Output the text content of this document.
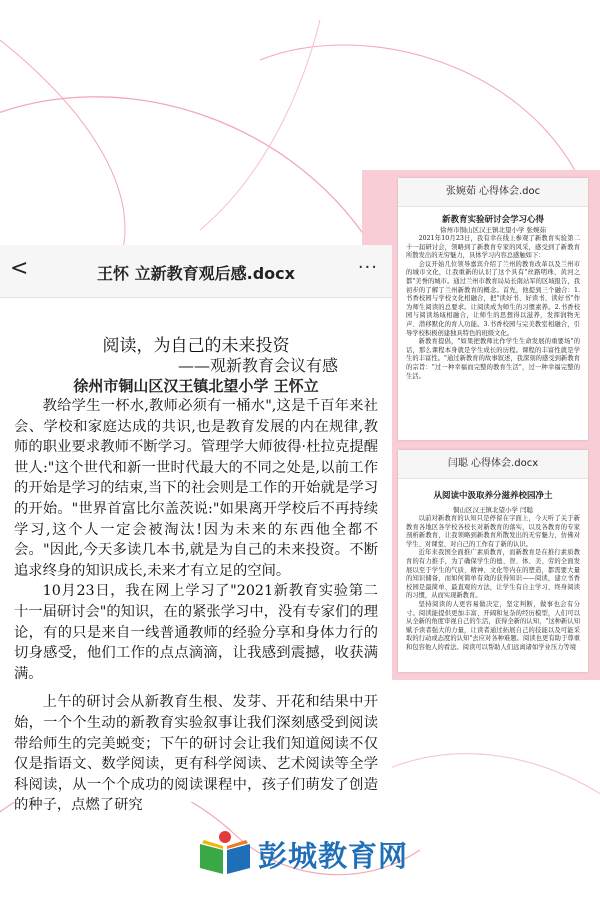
张婉茹 心得体会.doc
新教育实验研讨会学习心得
徐州市铜山区汉王镇北望小学 张婉茹

2021年10月23日，我有幸在线上参观了新教育实验第二十一届研讨会，领略到了新教育专家的风采，感受到了新教育所散发出的无穷魅力，具体学习内容总感触如下：

会议开始几位领导嘉宾介绍了兰州的教育改革以及兰州市的城市文化，让我重新的认识了这个具有"丝路明珠、黄河之都"美誉的城市。通过兰州市教育局局长南站军的区域报告，我初步的了解了兰州新教育的概念。首先，他提到三个融合：1.书香校园与学校文化相融合，把"读好书、好读书、读好书"作为师生阅读的总要求。让阅读成为师生的习惯素养。2.书香校园与阅读场域相融合，让师生的思想得以滋养，发挥润物无声、潜移默化的育人功能。3.书香校园与完美教室相融合，引导学校积极创建独具特色的班级文化。

新教育提倡，"如果把教师比作学生生命发展的重要场"的话，那么课程本身就是学生成长的历程。课程的丰富性就是学生的丰富性。"通过新教育的故事叙述，我深刻的感受到新教育的宗旨："过一种幸福而完整的教育生活"，过一种幸福完整的生活。

闫聪 心得体会.docx
从阅读中汲取养分滋养校园净土
铜山区汉王镇北望小学 闫聪

以前对新教育的认知只是停留在字面上，今天听了关于新教育各地区各学校各校长对新教育的落实，以及各教育的专家剖析新教育，让我领略到新教育所散发出的无穷魅力，仿佛对学生、对课堂、对自己的工作有了新的认识。

近年来我国全面推广素质教育，而新教育是在推行素质教育的有力推手，为了确保学生的德、智、体、美、劳的全面发展以至于学生的气质、精神、文化等内在的塑造，都需要大量的知识储备，而如何简单有效的获得知识——阅读，建立书香校园是最简单、最直观的方法，让学生有自主学习、终身阅读的习惯，从而实现新教育。

坚持阅读的人更容易做决定，坚定判断，做事也会有分寸。阅读能提供更加丰富、开阔和复杂的经历模型，人们可以从全新的角度审视自己的生活，获得全新的认知，"这种新认知赋予读者强大的力量，让读者通过拓展自己的技能以及可能采取的行动或态度的认知"去应对各种难题。阅读也更有助于尊重和包容他人的看法。阅读可以帮助人们远离诸如学业压力等境

<	王怀 立新教育观后感.docx	···
阅读，为自己的未来投资
——观新教育会议有感
徐州市铜山区汉王镇北望小学 王怀立

教给学生一杯水,教师必须有一桶水",这是千百年来社会、学校和家庭达成的共识,也是教育发展的内在规律,教师的职业要求教师不断学习。管理学大师彼得·杜拉克提醒世人:"这个世代和新一世时代最大的不同之处是,以前工作的开始是学习的结束,当下的社会则是工作的开始就是学习的开始。"世界首富比尔盖茨说:"如果离开学校后不再持续学习,这个人一定会被淘汰!因为未来的东西他全都不会。"因此,今天多读几本书,就是为自己的未来投资。不断追求终身的知识成长,未来才有立足的空间。

10月23日，我在网上学习了"2021新教育实验第二十一届研讨会"的知识，在的紧张学习中，没有专家们的理论，有的只是来自一线普通教师的经验分享和身体力行的切身感受，他们工作的点点滴滴，让我感到震撼，收获满满。

上午的研讨会从新教育生根、发芽、开花和结果中开始，一个个生动的新教育实验叙事让我们深刻感受到阅读带给师生的完美蜕变；下午的研讨会让我们知道阅读不仅仅是指语文、数学阅读，更有科学阅读、艺术阅读等全学科阅读，从一个个成功的阅读课程中，孩子们萌发了创造的种子，点燃了研究

彭城教育网
